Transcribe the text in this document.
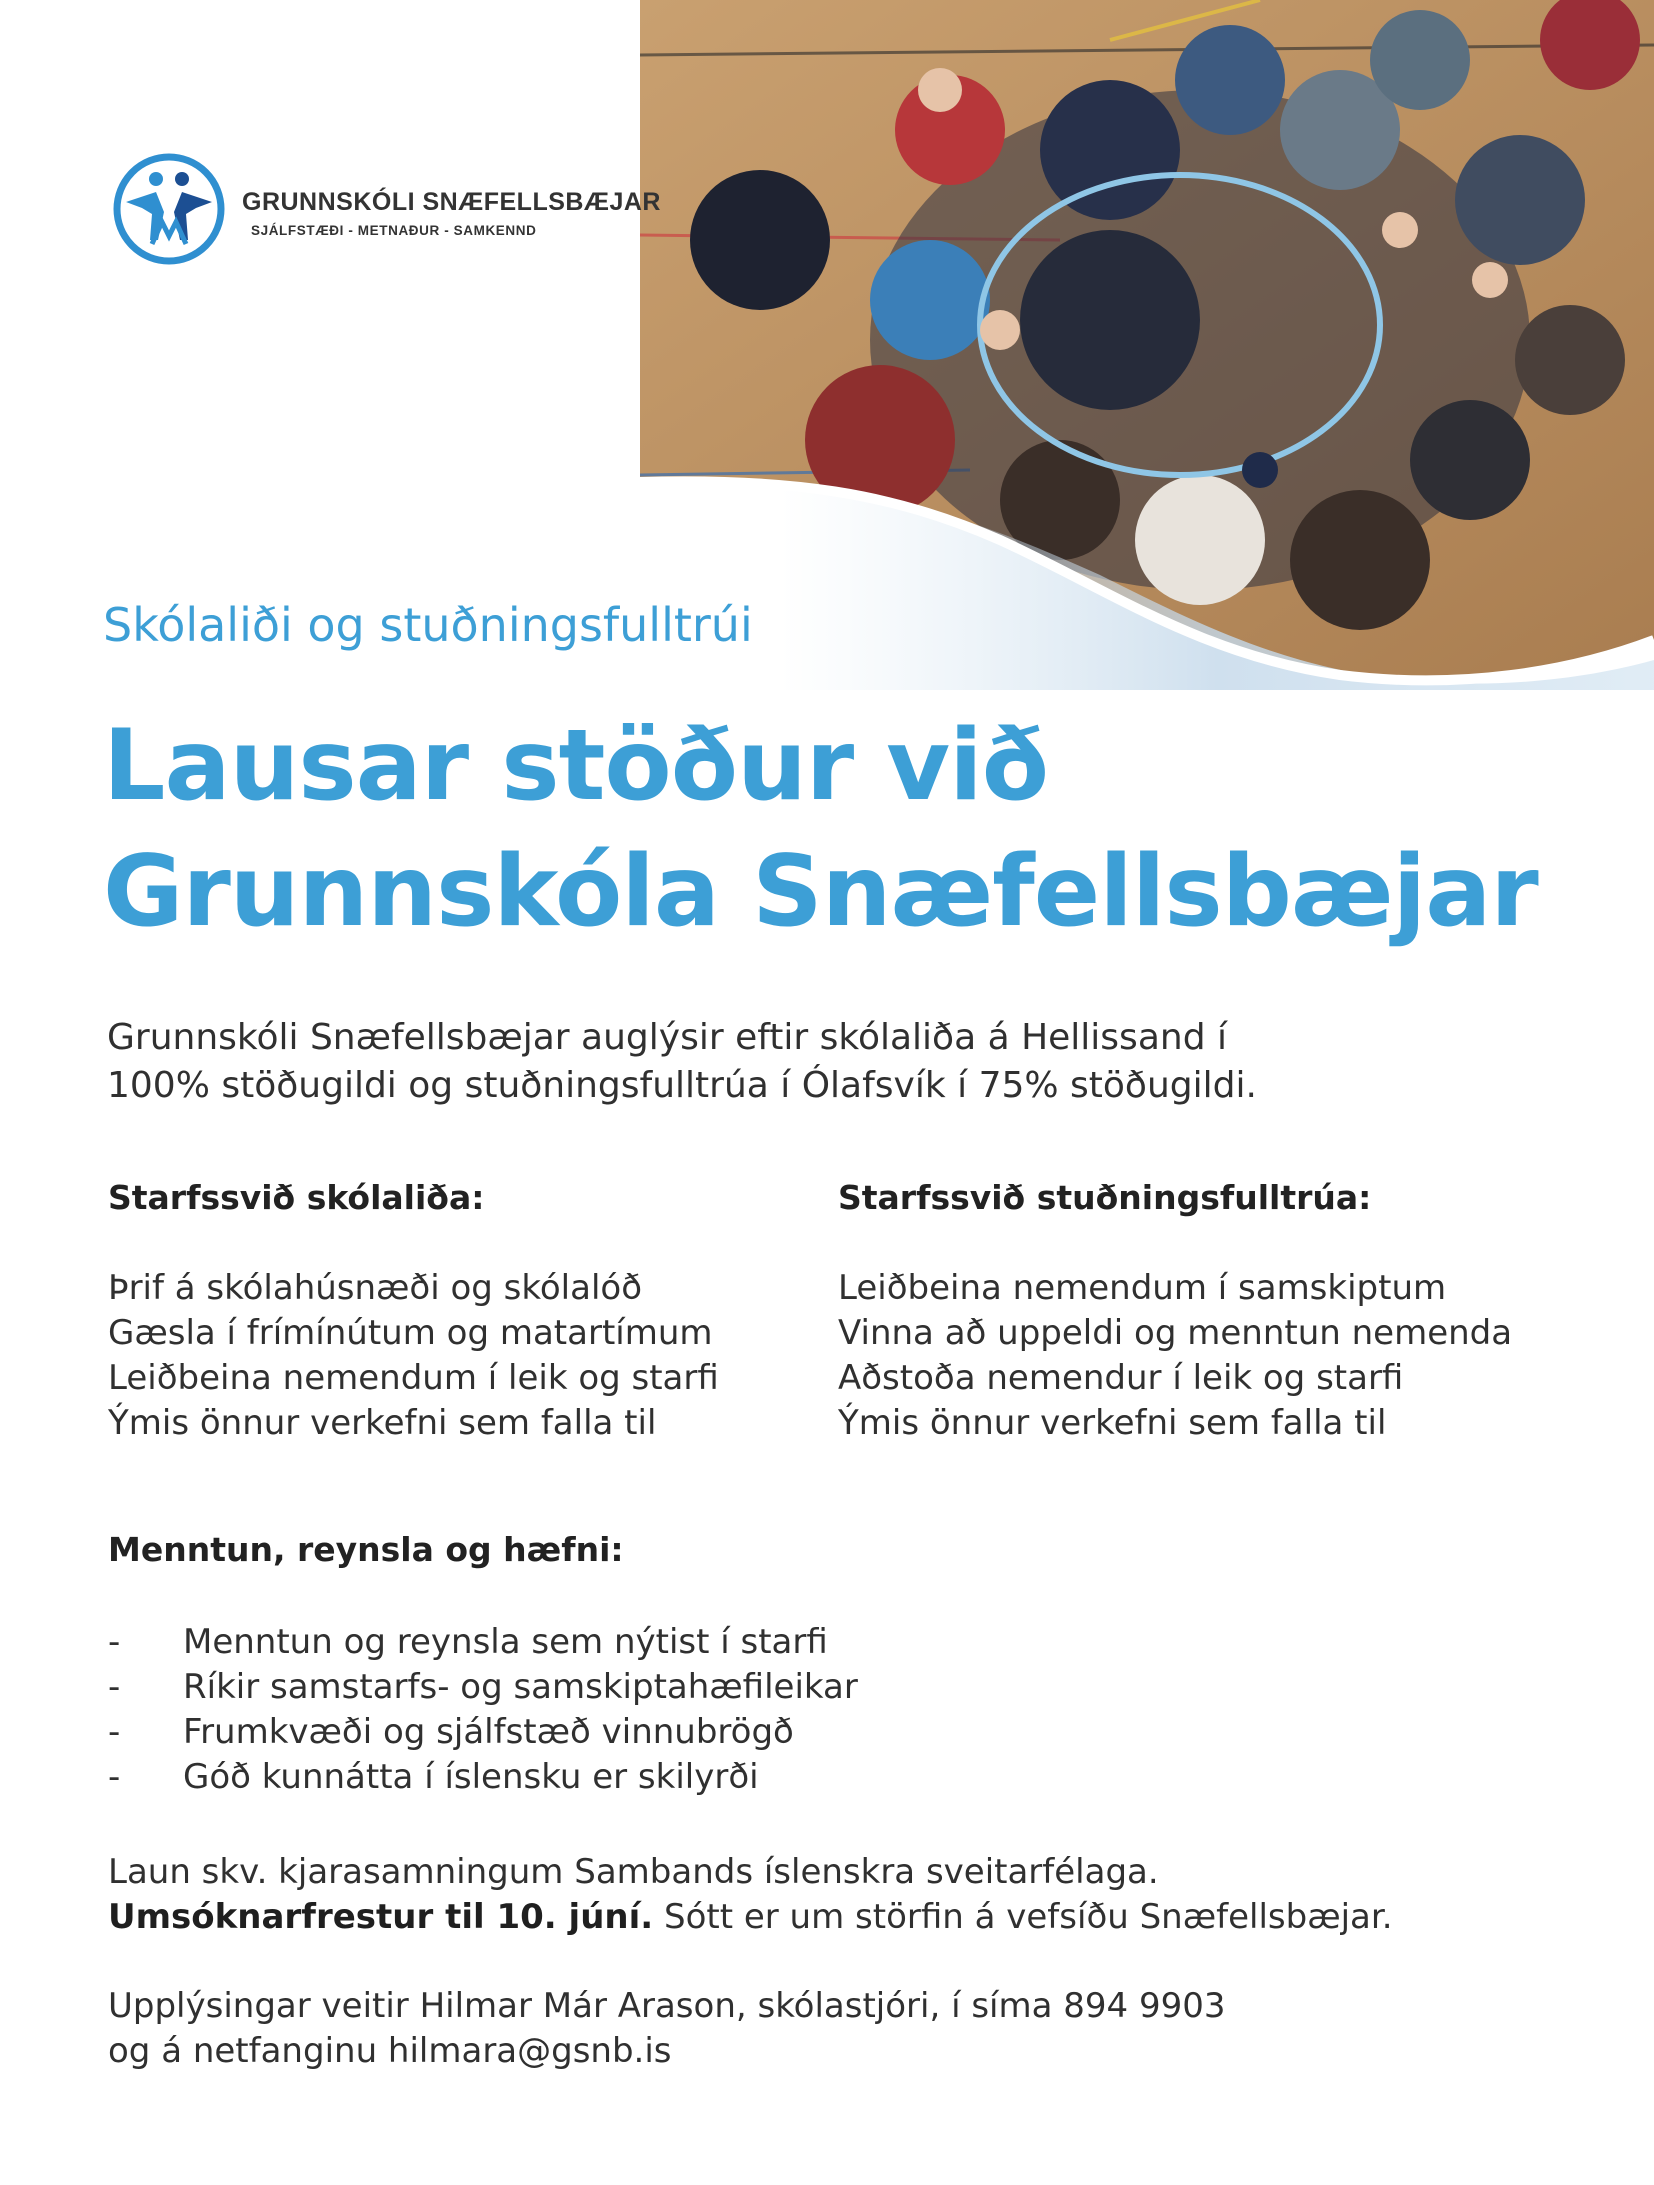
GRUNNSKÓLI SNÆFELLSBÆJAR
SJÁLFSTÆÐI - METNAÐUR - SAMKENND
Skólaliði og stuðningsfulltrúi
Lausar stöður við
Grunnskóla Snæfellsbæjar
Grunnskóli Snæfellsbæjar auglýsir eftir skólaliða á Hellissand í
100% stöðugildi og stuðningsfulltrúa í Ólafsvík í 75% stöðugildi.
Starfssvið skólaliða:
Þrif á skólahúsnæði og skólalóð
Gæsla í frímínútum og matartímum
Leiðbeina nemendum í leik og starfi
Ýmis önnur verkefni sem falla til
Starfssvið stuðningsfulltrúa:
Leiðbeina nemendum í samskiptum
Vinna að uppeldi og menntun nemenda
Aðstoða nemendur í leik og starfi
Ýmis önnur verkefni sem falla til
Menntun, reynsla og hæfni:
- Menntun og reynsla sem nýtist í starfi
- Ríkir samstarfs- og samskiptahæfileikar
- Frumkvæði og sjálfstæð vinnubrögð
- Góð kunnátta í íslensku er skilyrði

Laun skv. kjarasamningum Sambands íslenskra sveitarfélaga.

Umsóknarfrestur til 10. júní. Sótt er um störfin á vefsíðu Snæfellsbæjar.

Upplýsingar veitir Hilmar Már Arason, skólastjóri, í síma 894 9903

og á netfanginu hilmara@gsnb.is
